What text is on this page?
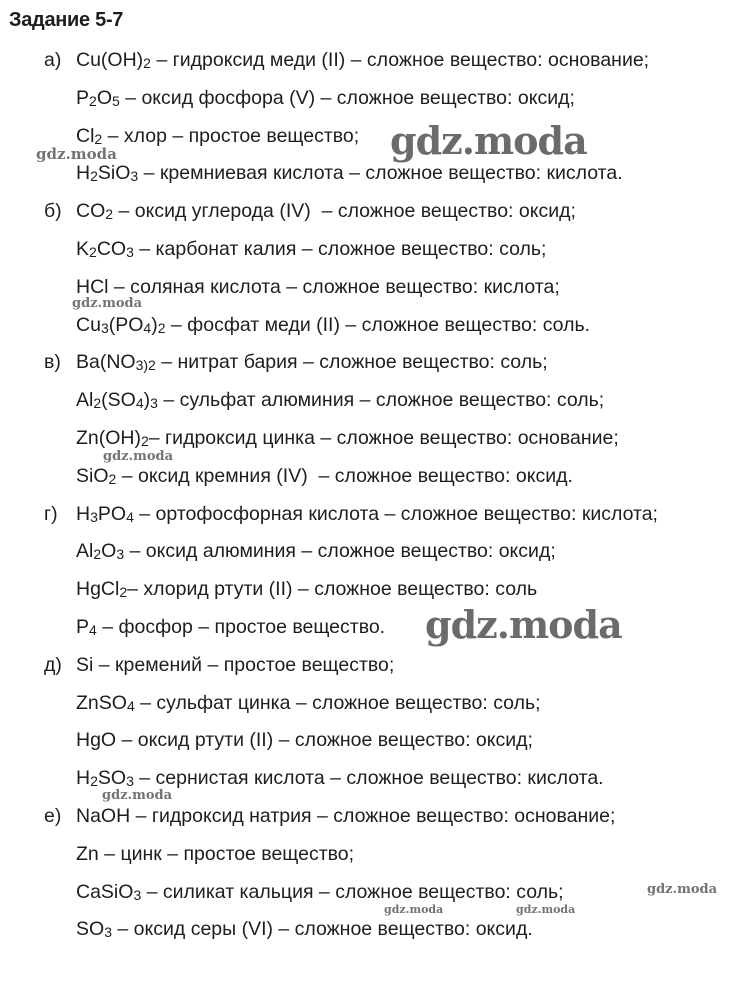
Задание 5-7
а) Cu(OH)2 – гидроксид меди (II) – сложное вещество: основание;
P2O5 – оксид фосфора (V) – сложное вещество: оксид;
Cl2 – хлор – простое вещество;
H2SiO3 – кремниевая кислота – сложное вещество: кислота.
б) CO2 – оксид углерода (IV)  – сложное вещество: оксид;
K2CO3 – карбонат калия – сложное вещество: соль;
HCl – соляная кислота – сложное вещество: кислота;
Cu3(PO4)2 – фосфат меди (II) – сложное вещество: соль.
в) Ba(NO3)2 – нитрат бария – сложное вещество: соль;
Al2(SO4)3 – сульфат алюминия – сложное вещество: соль;
Zn(OH)2– гидроксид цинка – сложное вещество: основание;
SiO2 – оксид кремния (IV)  – сложное вещество: оксид.
г) H3PO4 – ортофосфорная кислота – сложное вещество: кислота;
Al2O3 – оксид алюминия – сложное вещество: оксид;
HgCl2– хлорид ртути (II) – сложное вещество: соль
P4 – фосфор – простое вещество.
д) Si – кремений – простое вещество;
ZnSO4 – сульфат цинка – сложное вещество: соль;
HgO – оксид ртути (II) – сложное вещество: оксид;
H2SO3 – сернистая кислота – сложное вещество: кислота.
е) NaOH – гидроксид натрия – сложное вещество: основание;
Zn – цинк – простое вещество;
CaSiO3 – силикат кальция – сложное вещество: соль;
SO3 – оксид серы (VI) – сложное вещество: оксид.
gdz.moda
gdz.moda
gdz.moda
gdz.moda
gdz.moda
gdz.moda
gdz.moda
gdz.moda	gdz.moda
